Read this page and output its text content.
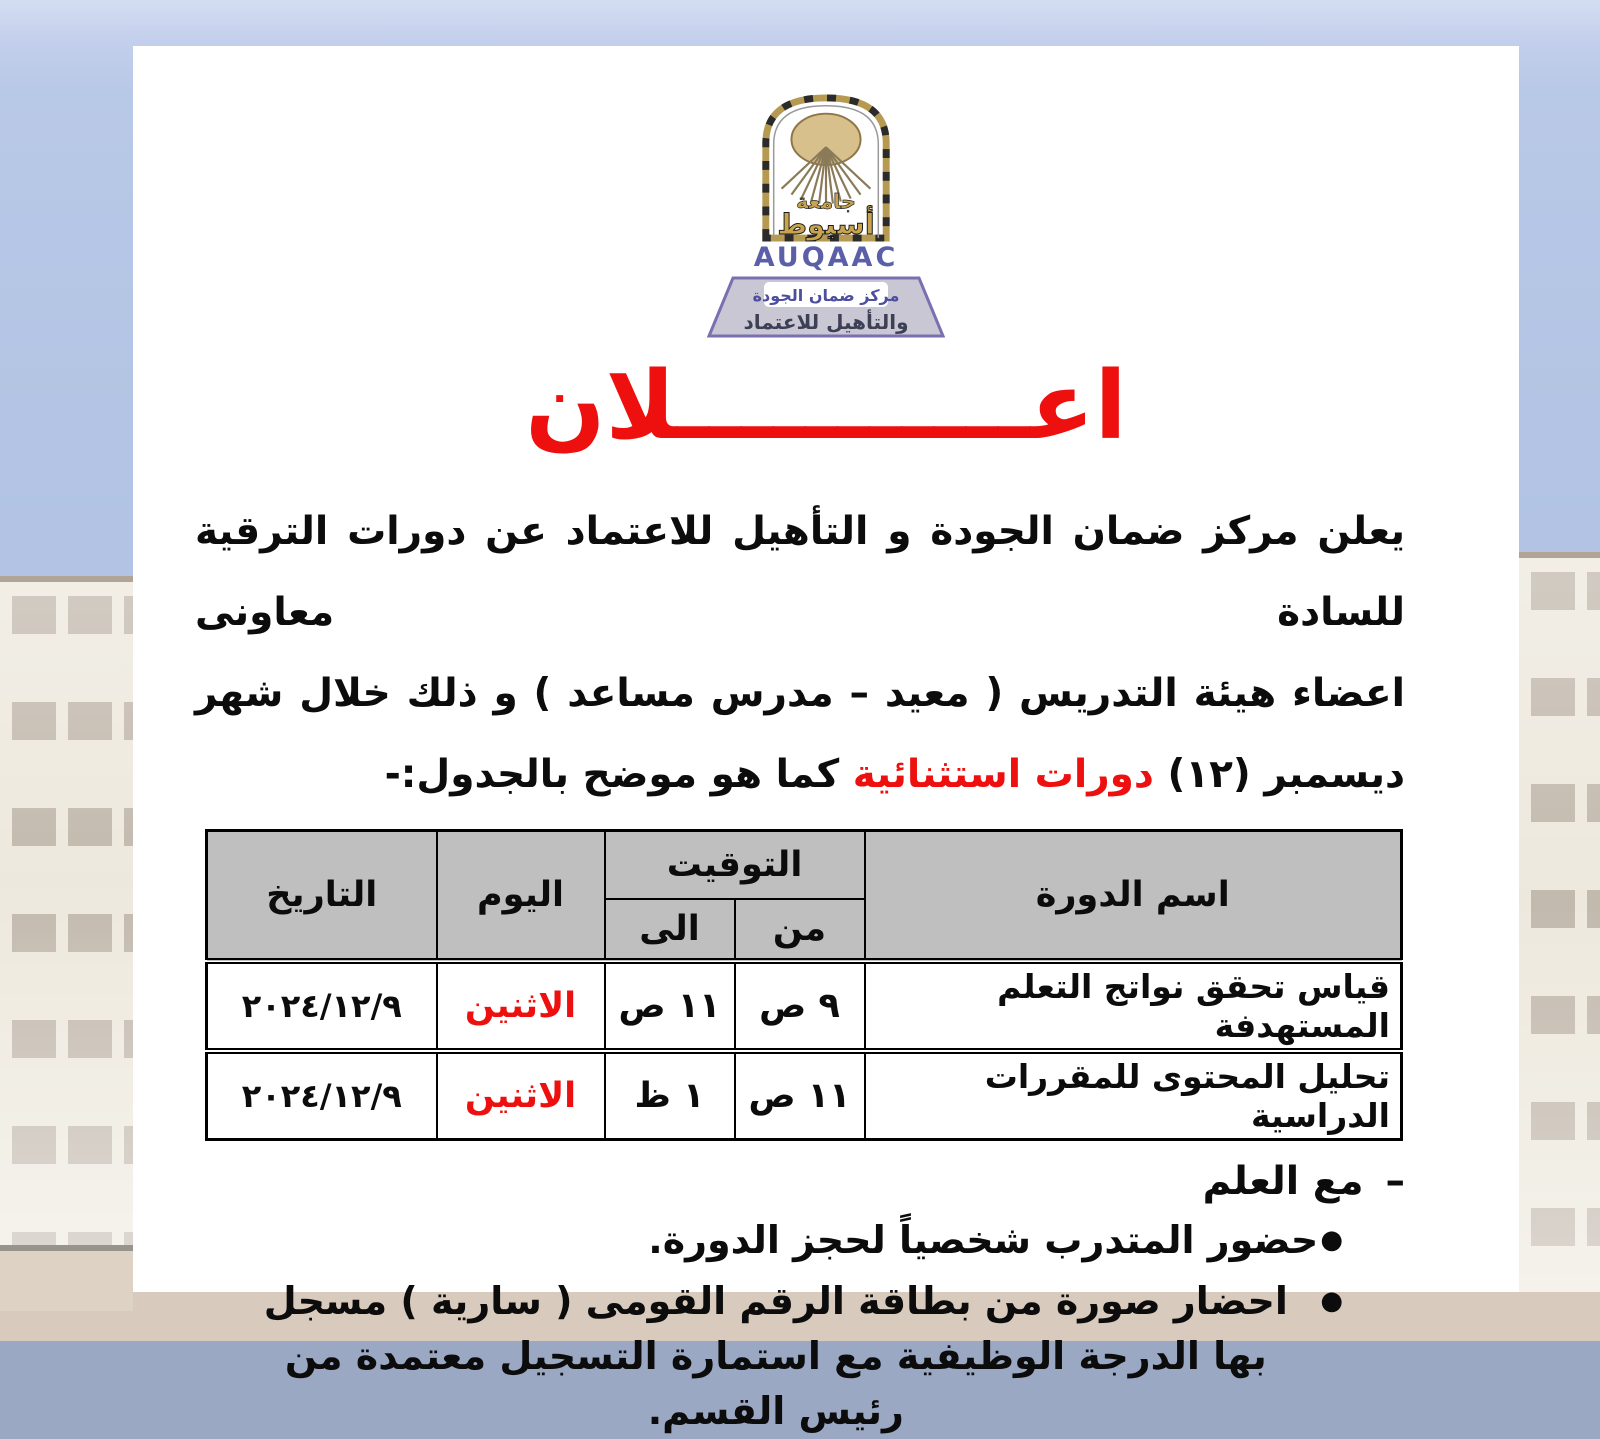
جامعة
أسيوط
AUQAAC
مركز ضمان الجودة
والتأهيل للاعتماد
اعـــــــــــلان
يعلن مركز ضمان الجودة و التأهيل للاعتماد عن دورات الترقية للسادة معاونى
اعضاء هيئة التدريس ( معيد – مدرس مساعد ) و ذلك خلال شهر
ديسمبر (١٢) دورات استثنائية كما هو موضح بالجدول:-
اسم الدورة	التوقيت		اليوم	التاريخ
	من	الى		
قياس تحقق نواتج التعلم المستهدفة	٩ ص	١١ ص	الاثنين	٢٠٢٤/١٢/٩
تحليل المحتوى للمقررات الدراسية	١١ ص	١ ظ	الاثنين	٢٠٢٤/١٢/٩
–مع العلم
●
حضور المتدرب شخصياً لحجز الدورة.
●
احضار صورة من بطاقة الرقم القومى ( سارية ) مسجل بها الدرجة الوظيفية مع استمارة التسجيل معتمدة من رئيس القسم.
